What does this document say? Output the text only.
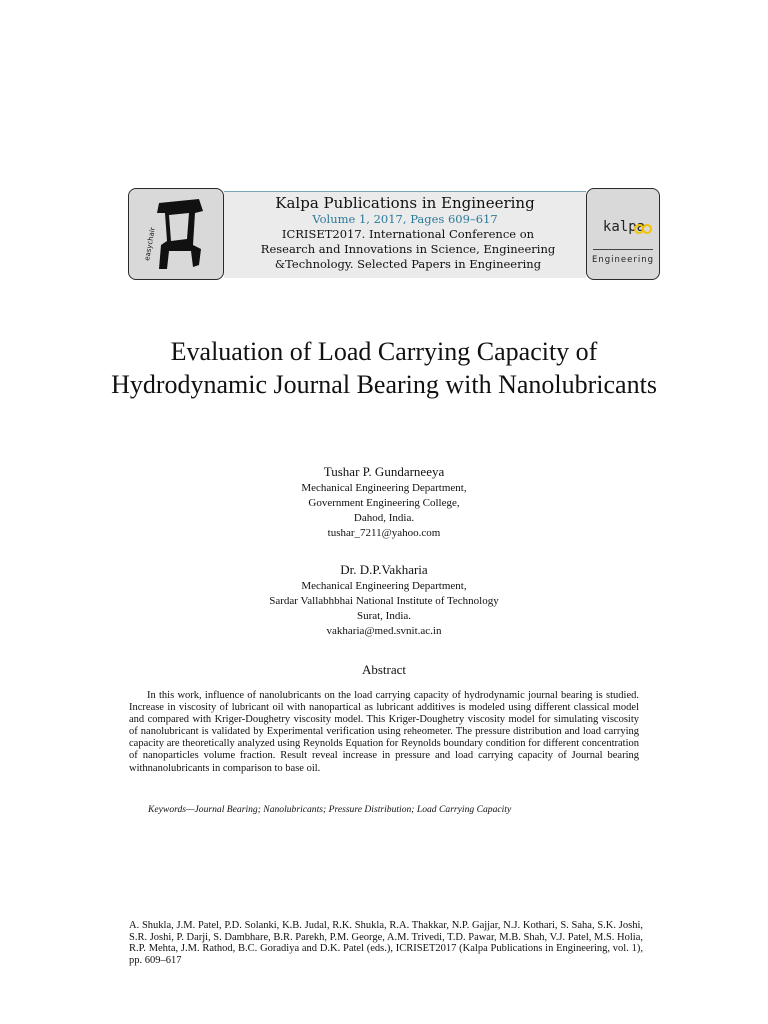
easychair
Kalpa Publications in Engineering
Volume 1, 2017, Pages 609–617
ICRISET2017. International Conference on Research and Innovations in Science, Engineering &Technology. Selected Papers in Engineering
kalpa
Engineering
Evaluation of Load Carrying Capacity of Hydrodynamic Journal Bearing with Nanolubricants
Tushar P. Gundarneeya
Mechanical Engineering Department,
Government Engineering College,
Dahod, India.
tushar_7211@yahoo.com
Dr. D.P.Vakharia
Mechanical Engineering Department,
Sardar Vallabhbhai National Institute of Technology
Surat, India.
vakharia@med.svnit.ac.in
Abstract
In this work, influence of nanolubricants on the load carrying capacity of hydrodynamic journal bearing is studied. Increase in viscosity of lubricant oil with nanopartical as lubricant additives is modeled using different classical model and compared with Kriger-Doughetry viscosity model. This Kriger-Doughetry viscosity model for simulating viscosity of nanolubricant is validated by Experimental verification using reheometer. The pressure distribution and load carrying capacity are theoretically analyzed using Reynolds Equation for Reynolds boundary condition for different concentration of nanoparticles volume fraction. Result reveal increase in pressure and load carrying capacity of Journal bearing withnanolubricants in comparison to base oil.
Keywords—Journal Bearing; Nanolubricants; Pressure Distribution; Load Carrying Capacity
A. Shukla, J.M. Patel, P.D. Solanki, K.B. Judal, R.K. Shukla, R.A. Thakkar, N.P. Gajjar, N.J. Kothari, S. Saha, S.K. Joshi, S.R. Joshi, P. Darji, S. Dambhare, B.R. Parekh, P.M. George, A.M. Trivedi, T.D. Pawar, M.B. Shah, V.J. Patel, M.S. Holia, R.P. Mehta, J.M. Rathod, B.C. Goradiya and D.K. Patel (eds.), ICRISET2017 (Kalpa Publications in Engineering, vol. 1), pp. 609–617
